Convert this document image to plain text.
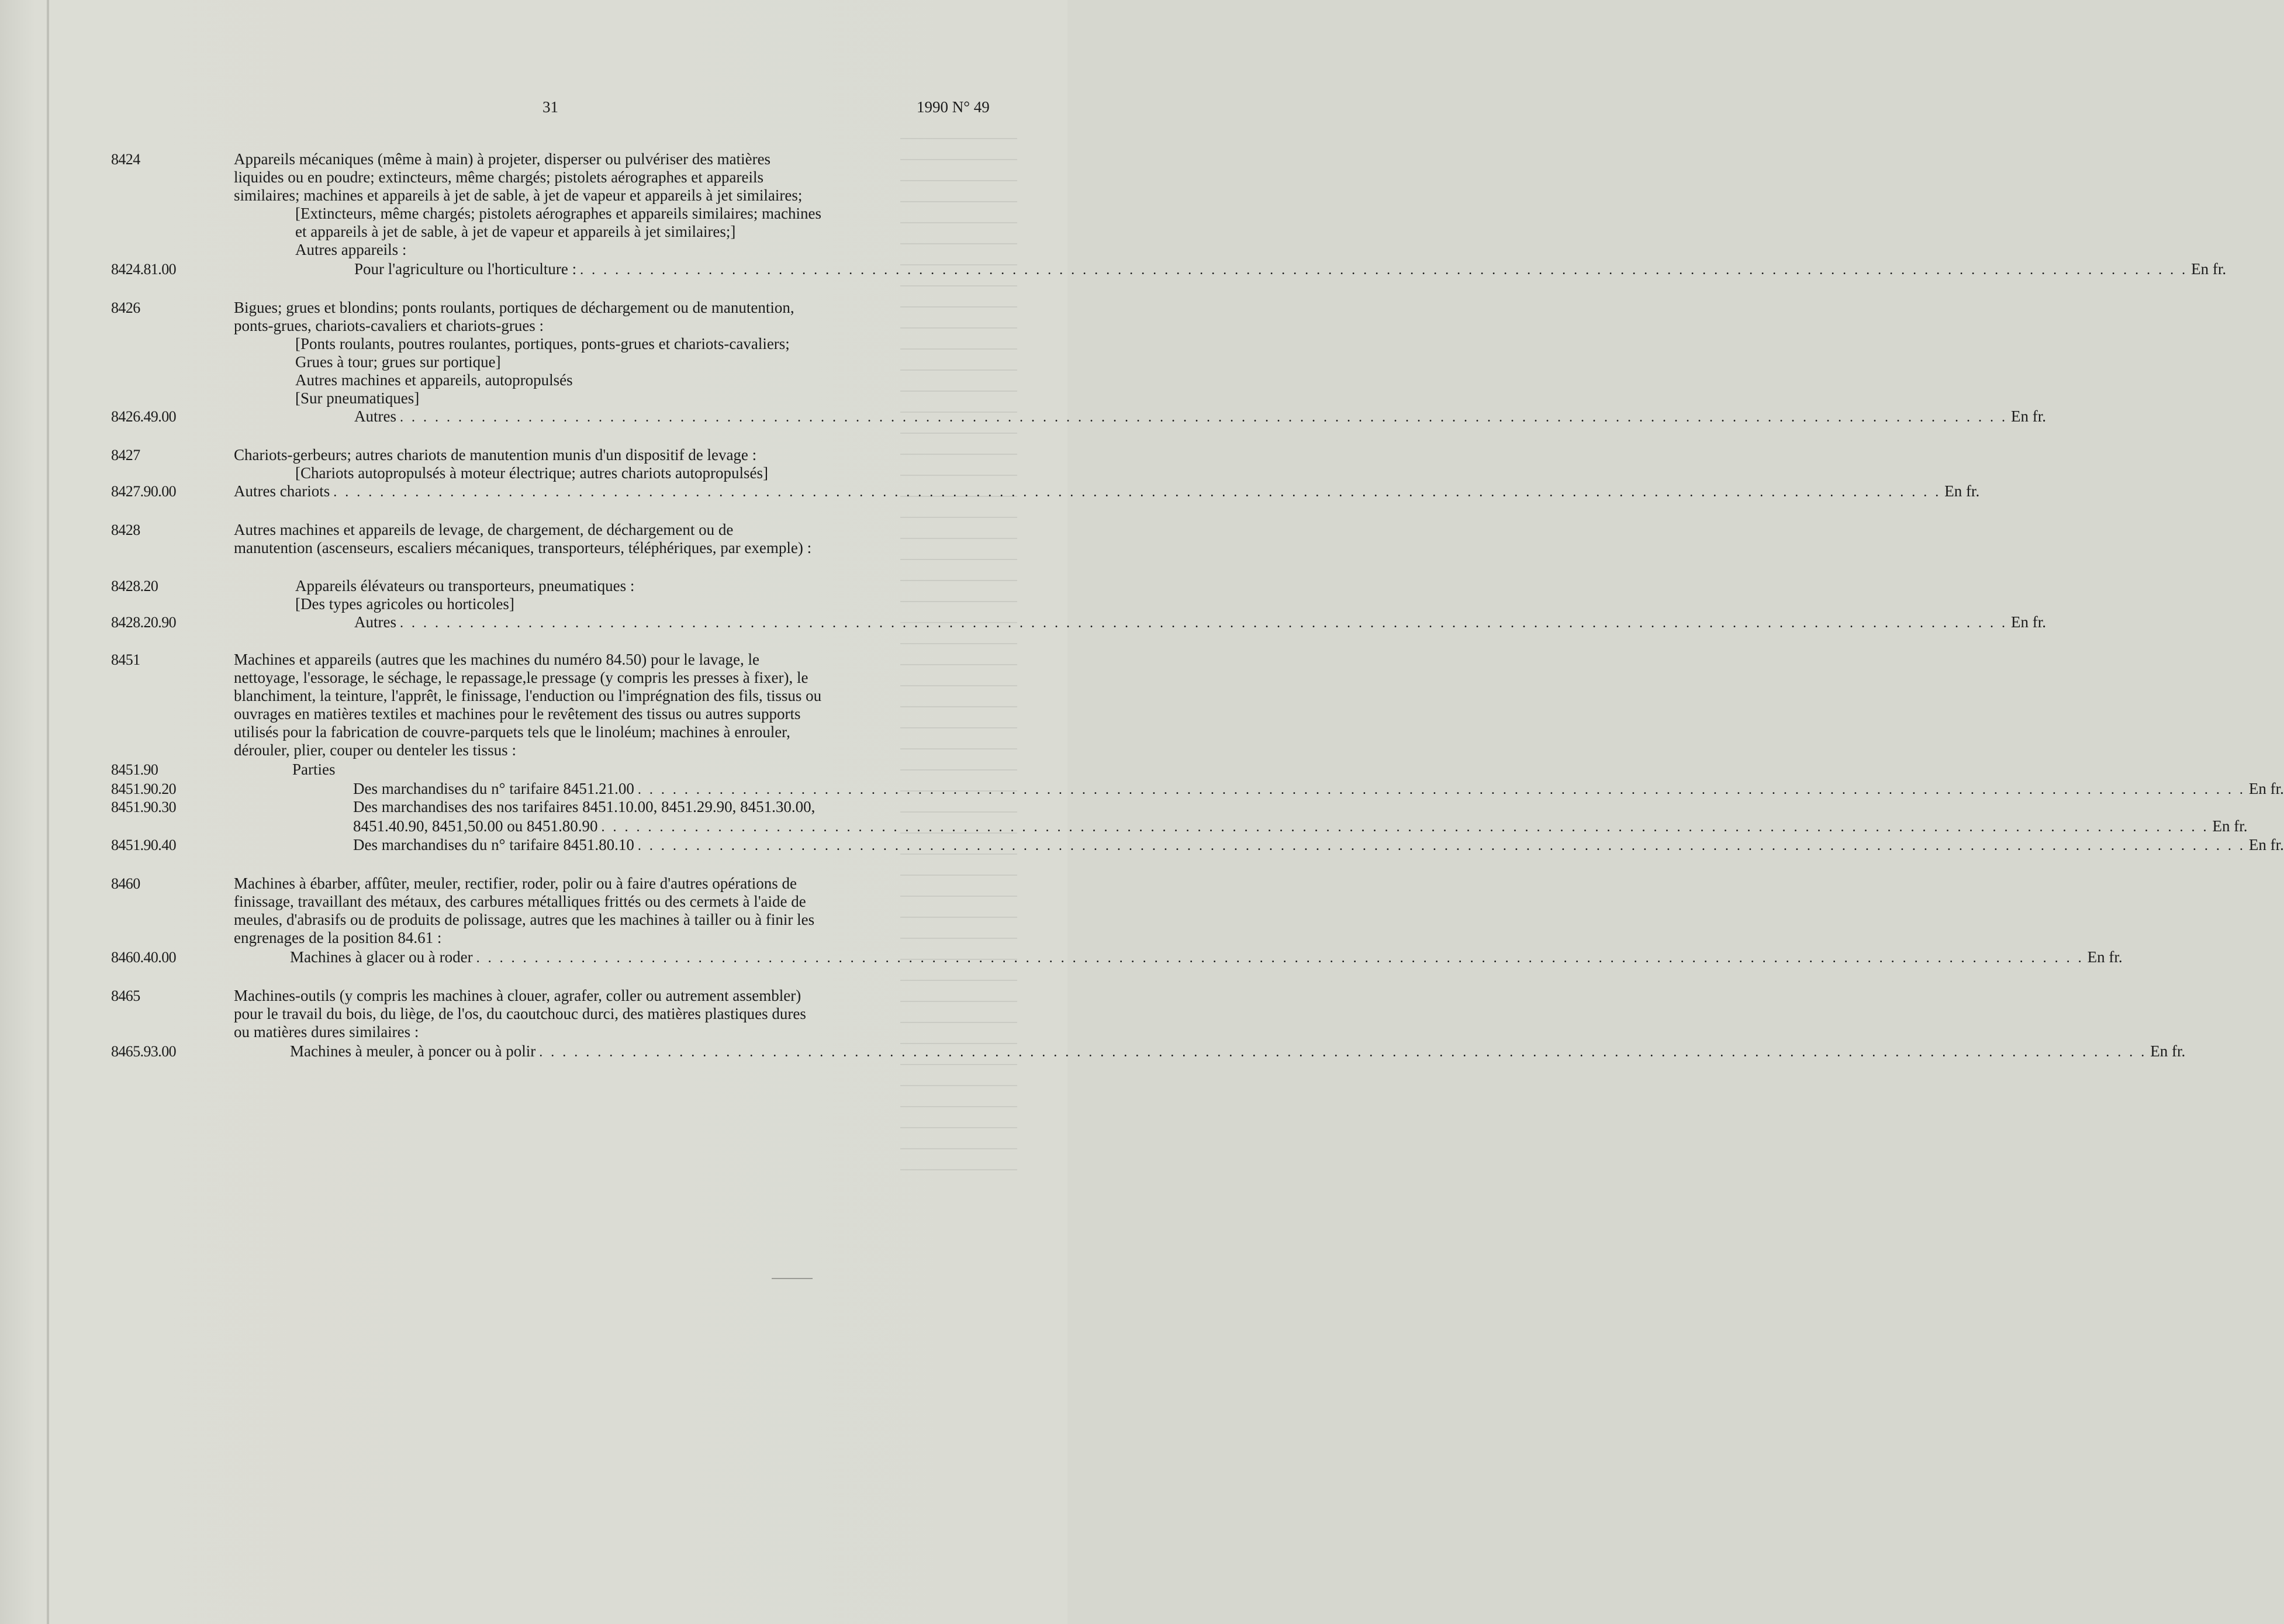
31	1990 N° 49
8424	Appareils mécaniques (même à main) à projeter, disperser ou pulvériser des matières
liquides ou en poudre; extincteurs, même chargés; pistolets aérographes et appareils
similaires; machines et appareils à jet de sable, à jet de vapeur et appareils à jet similaires;
[Extincteurs, même chargés; pistolets aérographes et appareils similaires; machines
et appareils à jet de sable, à jet de vapeur et appareils à jet similaires;]
Autres appareils :
8424.81.00	Pour l'agriculture ou l'horticulture : . . . . . . . . . . . . . . . . . . . . . . . . . . . . . . . . . . . . . . . . . . . . . . . . . . . . . . . . . . . . . . . . . . . . . . . . . . . . . . . . . . . . . . . . . . . . . . . . . . . . . . . . . . . . . . . . . . . . . . . . . . . . . . . . . . . . . . . . . . En fr.
8426	Bigues; grues et blondins; ponts roulants, portiques de déchargement ou de manutention,
ponts-grues, chariots-cavaliers et chariots-grues :
[Ponts roulants, poutres roulantes, portiques, ponts-grues et chariots-cavaliers;
Grues à tour; grues sur portique]
Autres machines et appareils, autopropulsés
[Sur pneumatiques]
8426.49.00	Autres . . . . . . . . . . . . . . . . . . . . . . . . . . . . . . . . . . . . . . . . . . . . . . . . . . . . . . . . . . . . . . . . . . . . . . . . . . . . . . . . . . . . . . . . . . . . . . . . . . . . . . . . . . . . . . . . . . . . . . . . . . . . . . . . . . . . . . . . . . En fr.
8427	Chariots-gerbeurs; autres chariots de manutention munis d'un dispositif de levage :
[Chariots autopropulsés à moteur électrique; autres chariots autopropulsés]
8427.90.00	Autres chariots . . . . . . . . . . . . . . . . . . . . . . . . . . . . . . . . . . . . . . . . . . . . . . . . . . . . . . . . . . . . . . . . . . . . . . . . . . . . . . . . . . . . . . . . . . . . . . . . . . . . . . . . . . . . . . . . . . . . . . . . . . . . . . . . . . . . . . . . . . En fr.
8428	Autres machines et appareils de levage, de chargement, de déchargement ou de
manutention (ascenseurs, escaliers mécaniques, transporteurs, téléphériques, par exemple) :
8428.20	Appareils élévateurs ou transporteurs, pneumatiques :
[Des types agricoles ou horticoles]
8428.20.90	Autres . . . . . . . . . . . . . . . . . . . . . . . . . . . . . . . . . . . . . . . . . . . . . . . . . . . . . . . . . . . . . . . . . . . . . . . . . . . . . . . . . . . . . . . . . . . . . . . . . . . . . . . . . . . . . . . . . . . . . . . . . . . . . . . . . . . . . . . . . . En fr.
8451	Machines et appareils (autres que les machines du numéro 84.50) pour le lavage, le
nettoyage, l'essorage, le séchage, le repassage,le pressage (y compris les presses à fixer), le
blanchiment, la teinture, l'apprêt, le finissage, l'enduction ou l'imprégnation des fils, tissus ou
ouvrages en matières textiles et machines pour le revêtement des tissus ou autres supports
utilisés pour la fabrication de couvre-parquets tels que le linoléum; machines à enrouler,
dérouler, plier, couper ou denteler les tissus :
8451.90	Parties
8451.90.20	Des marchandises du n° tarifaire 8451.21.00 . . . . . . . . . . . . . . . . . . . . . . . . . . . . . . . . . . . . . . . . . . . . . . . . . . . . . . . . . . . . . . . . . . . . . . . . . . . . . . . . . . . . . . . . . . . . . . . . . . . . . . . . . . . . . . . . . . . . . . . . . . . . . . . . . . . . . . . . . . En fr.
8451.90.30	Des marchandises des nos tarifaires 8451.10.00, 8451.29.90, 8451.30.00,
8451.40.90, 8451,50.00 ou 8451.80.90 . . . . . . . . . . . . . . . . . . . . . . . . . . . . . . . . . . . . . . . . . . . . . . . . . . . . . . . . . . . . . . . . . . . . . . . . . . . . . . . . . . . . . . . . . . . . . . . . . . . . . . . . . . . . . . . . . . . . . . . . . . . . . . . . . . . . . . . . . . En fr.
8451.90.40	Des marchandises du n° tarifaire 8451.80.10 . . . . . . . . . . . . . . . . . . . . . . . . . . . . . . . . . . . . . . . . . . . . . . . . . . . . . . . . . . . . . . . . . . . . . . . . . . . . . . . . . . . . . . . . . . . . . . . . . . . . . . . . . . . . . . . . . . . . . . . . . . . . . . . . . . . . . . . . . . En fr.
8460	Machines à ébarber, affûter, meuler, rectifier, roder, polir ou à faire d'autres opérations de
finissage, travaillant des métaux, des carbures métalliques frittés ou des cermets à l'aide de
meules, d'abrasifs ou de produits de polissage, autres que les machines à tailler ou à finir les
engrenages de la position 84.61 :
8460.40.00	Machines à glacer ou à roder . . . . . . . . . . . . . . . . . . . . . . . . . . . . . . . . . . . . . . . . . . . . . . . . . . . . . . . . . . . . . . . . . . . . . . . . . . . . . . . . . . . . . . . . . . . . . . . . . . . . . . . . . . . . . . . . . . . . . . . . . . . . . . . . . . . . . . . . . . En fr.
8465	Machines-outils (y compris les machines à clouer, agrafer, coller ou autrement assembler)
pour le travail du bois, du liège, de l'os, du caoutchouc durci, des matières plastiques dures
ou matières dures similaires :
8465.93.00	Machines à meuler, à poncer ou à polir . . . . . . . . . . . . . . . . . . . . . . . . . . . . . . . . . . . . . . . . . . . . . . . . . . . . . . . . . . . . . . . . . . . . . . . . . . . . . . . . . . . . . . . . . . . . . . . . . . . . . . . . . . . . . . . . . . . . . . . . . . . . . . . . . . . . . . . . . . En fr.
